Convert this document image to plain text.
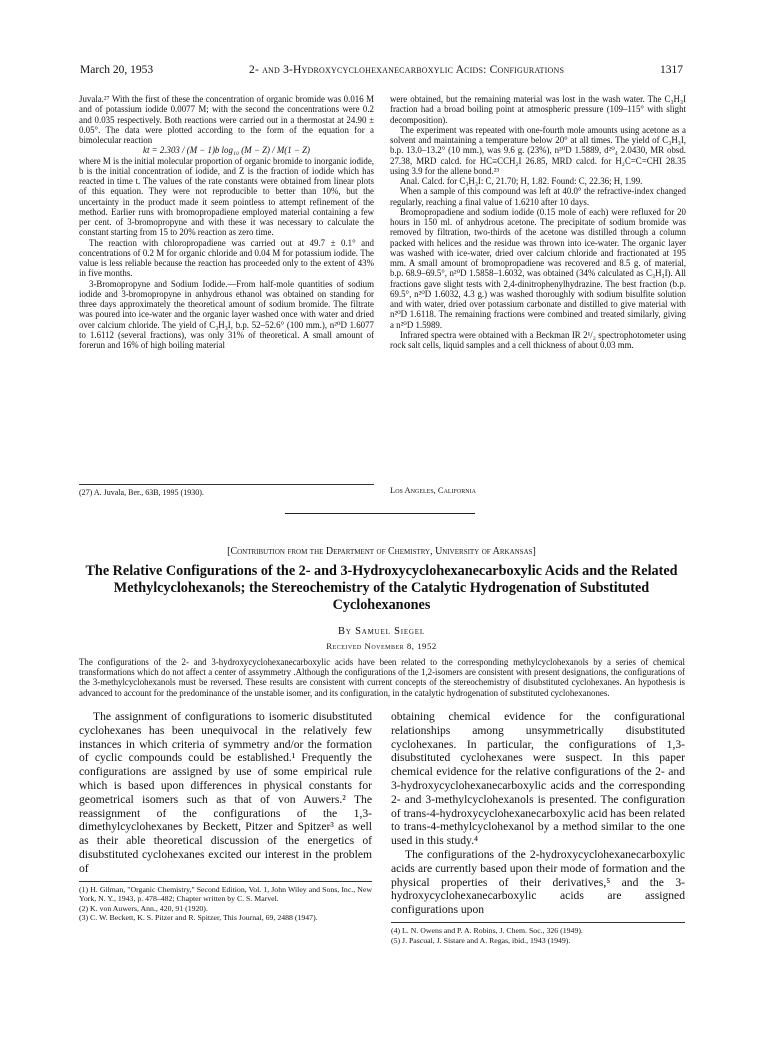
March 20, 1953	2- and 3-Hydroxycyclohexanecarboxylic Acids: Configurations	1317

Juvala.²⁷ With the first of these the concentration of organic bromide was 0.016 M and of potassium iodide 0.0077 M; with the second the concentrations were 0.2 and 0.035 respectively. Both reactions were carried out in a thermostat at 24.90 ± 0.05°. The data were plotted according to the form of the equation for a bimolecular reaction

kt = 2.303 / (M − 1)b log₁₀ (M − Z) / M(1 − Z)

where M is the initial molecular proportion of organic bromide to inorganic iodide, b is the initial concentration of iodide, and Z is the fraction of iodide which has reacted in time t. The values of the rate constants were obtained from linear plots of this equation. They were not reproducible to better than 10%, but the uncertainty in the product made it seem pointless to attempt refinement of the method. Earlier runs with bromopropadiene employed material containing a few per cent. of 3-bromopropyne and with these it was necessary to calculate the constant starting from 15 to 20% reaction as zero time.

The reaction with chloropropadiene was carried out at 49.7 ± 0.1° and concentrations of 0.2 M for organic chloride and 0.04 M for potassium iodide. The value is less reliable because the reaction has proceeded only to the extent of 43% in five months.

3-Bromopropyne and Sodium Iodide.—From half-mole quantities of sodium iodide and 3-bromopropyne in anhydrous ethanol was obtained on standing for three days approximately the theoretical amount of sodium bromide. The filtrate was poured into ice-water and the organic layer washed once with water and dried over calcium chloride. The yield of C₃H₃I, b.p. 52–52.6° (100 mm.), n²⁰D 1.6077 to 1.6112 (several fractions), was only 31% of theoretical. A small amount of forerun and 16% of high boiling material

were obtained, but the remaining material was lost in the wash water. The C₃H₃I fraction had a broad boiling point at atmospheric pressure (109–115° with slight decomposition).

The experiment was repeated with one-fourth mole amounts using acetone as a solvent and maintaining a temperature below 20° at all times. The yield of C₃H₃I, b.p. 13.0–13.2° (10 mm.), was 9.6 g. (23%), n²⁰D 1.5889, d²⁰₄ 2.0430, MR obsd. 27.38, MRD calcd. for HC≡CCH₂I 26.85, MRD calcd. for H₂C=C=CHI 28.35 using 3.9 for the allene bond.²³

Anal. Calcd. for C₃H₃I: C, 21.70; H, 1.82. Found: C, 22.36; H, 1.99.

When a sample of this compound was left at 40.0° the refractive-index changed regularly, reaching a final value of 1.6210 after 10 days.

Bromopropadiene and sodium iodide (0.15 mole of each) were refluxed for 20 hours in 150 ml. of anhydrous acetone. The precipitate of sodium bromide was removed by filtration, two-thirds of the acetone was distilled through a column packed with helices and the residue was thrown into ice-water. The organic layer was washed with ice-water, dried over calcium chloride and fractionated at 195 mm. A small amount of bromopropadiene was recovered and 8.5 g. of material, b.p. 68.9–69.5°, n²⁰D 1.5858–1.6032, was obtained (34% calculated as C₃H₃I). All fractions gave slight tests with 2,4-dinitrophenylhydrazine. The best fraction (b.p. 69.5°, n²⁰D 1.6032, 4.3 g.) was washed thoroughly with sodium bisulfite solution and with water, dried over potassium carbonate and distilled to give material with n²⁰D 1.6118. The remaining fractions were combined and treated similarly, giving a n²⁰D 1.5989.

Infrared spectra were obtained with a Beckman IR 2¹/₂ spectrophotometer using rock salt cells, liquid samples and a cell thickness of about 0.03 mm.

(27) A. Juvala, Ber., 63B, 1995 (1930).	Los Angeles, California
[Contribution from the Department of Chemistry, University of Arkansas]
The Relative Configurations of the 2- and 3-Hydroxycyclohexanecarboxylic Acids and the Related Methylcyclohexanols; the Stereochemistry of the Catalytic Hydrogenation of Substituted Cyclohexanones
By Samuel Siegel
Received November 8, 1952
The configurations of the 2- and 3-hydroxycyclohexanecarboxylic acids have been related to the corresponding methylcyclohexanols by a series of chemical transformations which do not affect a center of assymmetry .Although the configurations of the 1,2-isomers are consistent with present designations, the configurations of the 3-methylcyclohexanols must be reversed. These results are consistent with current concepts of the stereochemistry of disubstituted cyclohexanes. An hypothesis is advanced to account for the predominance of the unstable isomer, and its configuration, in the catalytic hydrogenation of substituted cyclohexanones.

The assignment of configurations to isomeric disubstituted cyclohexanes has been unequivocal in the relatively few instances in which criteria of symmetry and/or the formation of cyclic compounds could be established.¹ Frequently the configurations are assigned by use of some empirical rule which is based upon differences in physical constants for geometrical isomers such as that of von Auwers.² The reassignment of the configurations of the 1,3-dimethylcyclohexanes by Beckett, Pitzer and Spitzer³ as well as their able theoretical discussion of the energetics of disubstituted cyclohexanes excited our interest in the problem of

(1) H. Gilman, "Organic Chemistry," Second Edition, Vol. 1, John Wiley and Sons, Inc., New York, N. Y., 1943, p. 478–482; Chapter written by C. S. Marvel.

(2) K. von Auwers, Ann., 420, 91 (1920).

(3) C. W. Beckett, K. S. Pitzer and R. Spitzer, This Journal, 69, 2488 (1947).

obtaining chemical evidence for the configurational relationships among unsymmetrically disubstituted cyclohexanes. In particular, the configurations of 1,3-disubstituted cyclohexanes were suspect. In this paper chemical evidence for the relative configurations of the 2- and 3-hydroxycyclohexanecarboxylic acids and the corresponding 2- and 3-methylcyclohexanols is presented. The configuration of trans-4-hydroxycyclohexanecarboxylic acid has been related to trans-4-methylcyclohexanol by a method similar to the one used in this study.⁴

The configurations of the 2-hydroxycyclohexanecarboxylic acids are currently based upon their mode of formation and the physical properties of their derivatives,⁵ and the 3-hydroxycyclohexanecarboxylic acids are assigned configurations upon

(4) L. N. Owens and P. A. Robins, J. Chem. Soc., 326 (1949).

(5) J. Pascual, J. Sistare and A. Regas, ibid., 1943 (1949).
